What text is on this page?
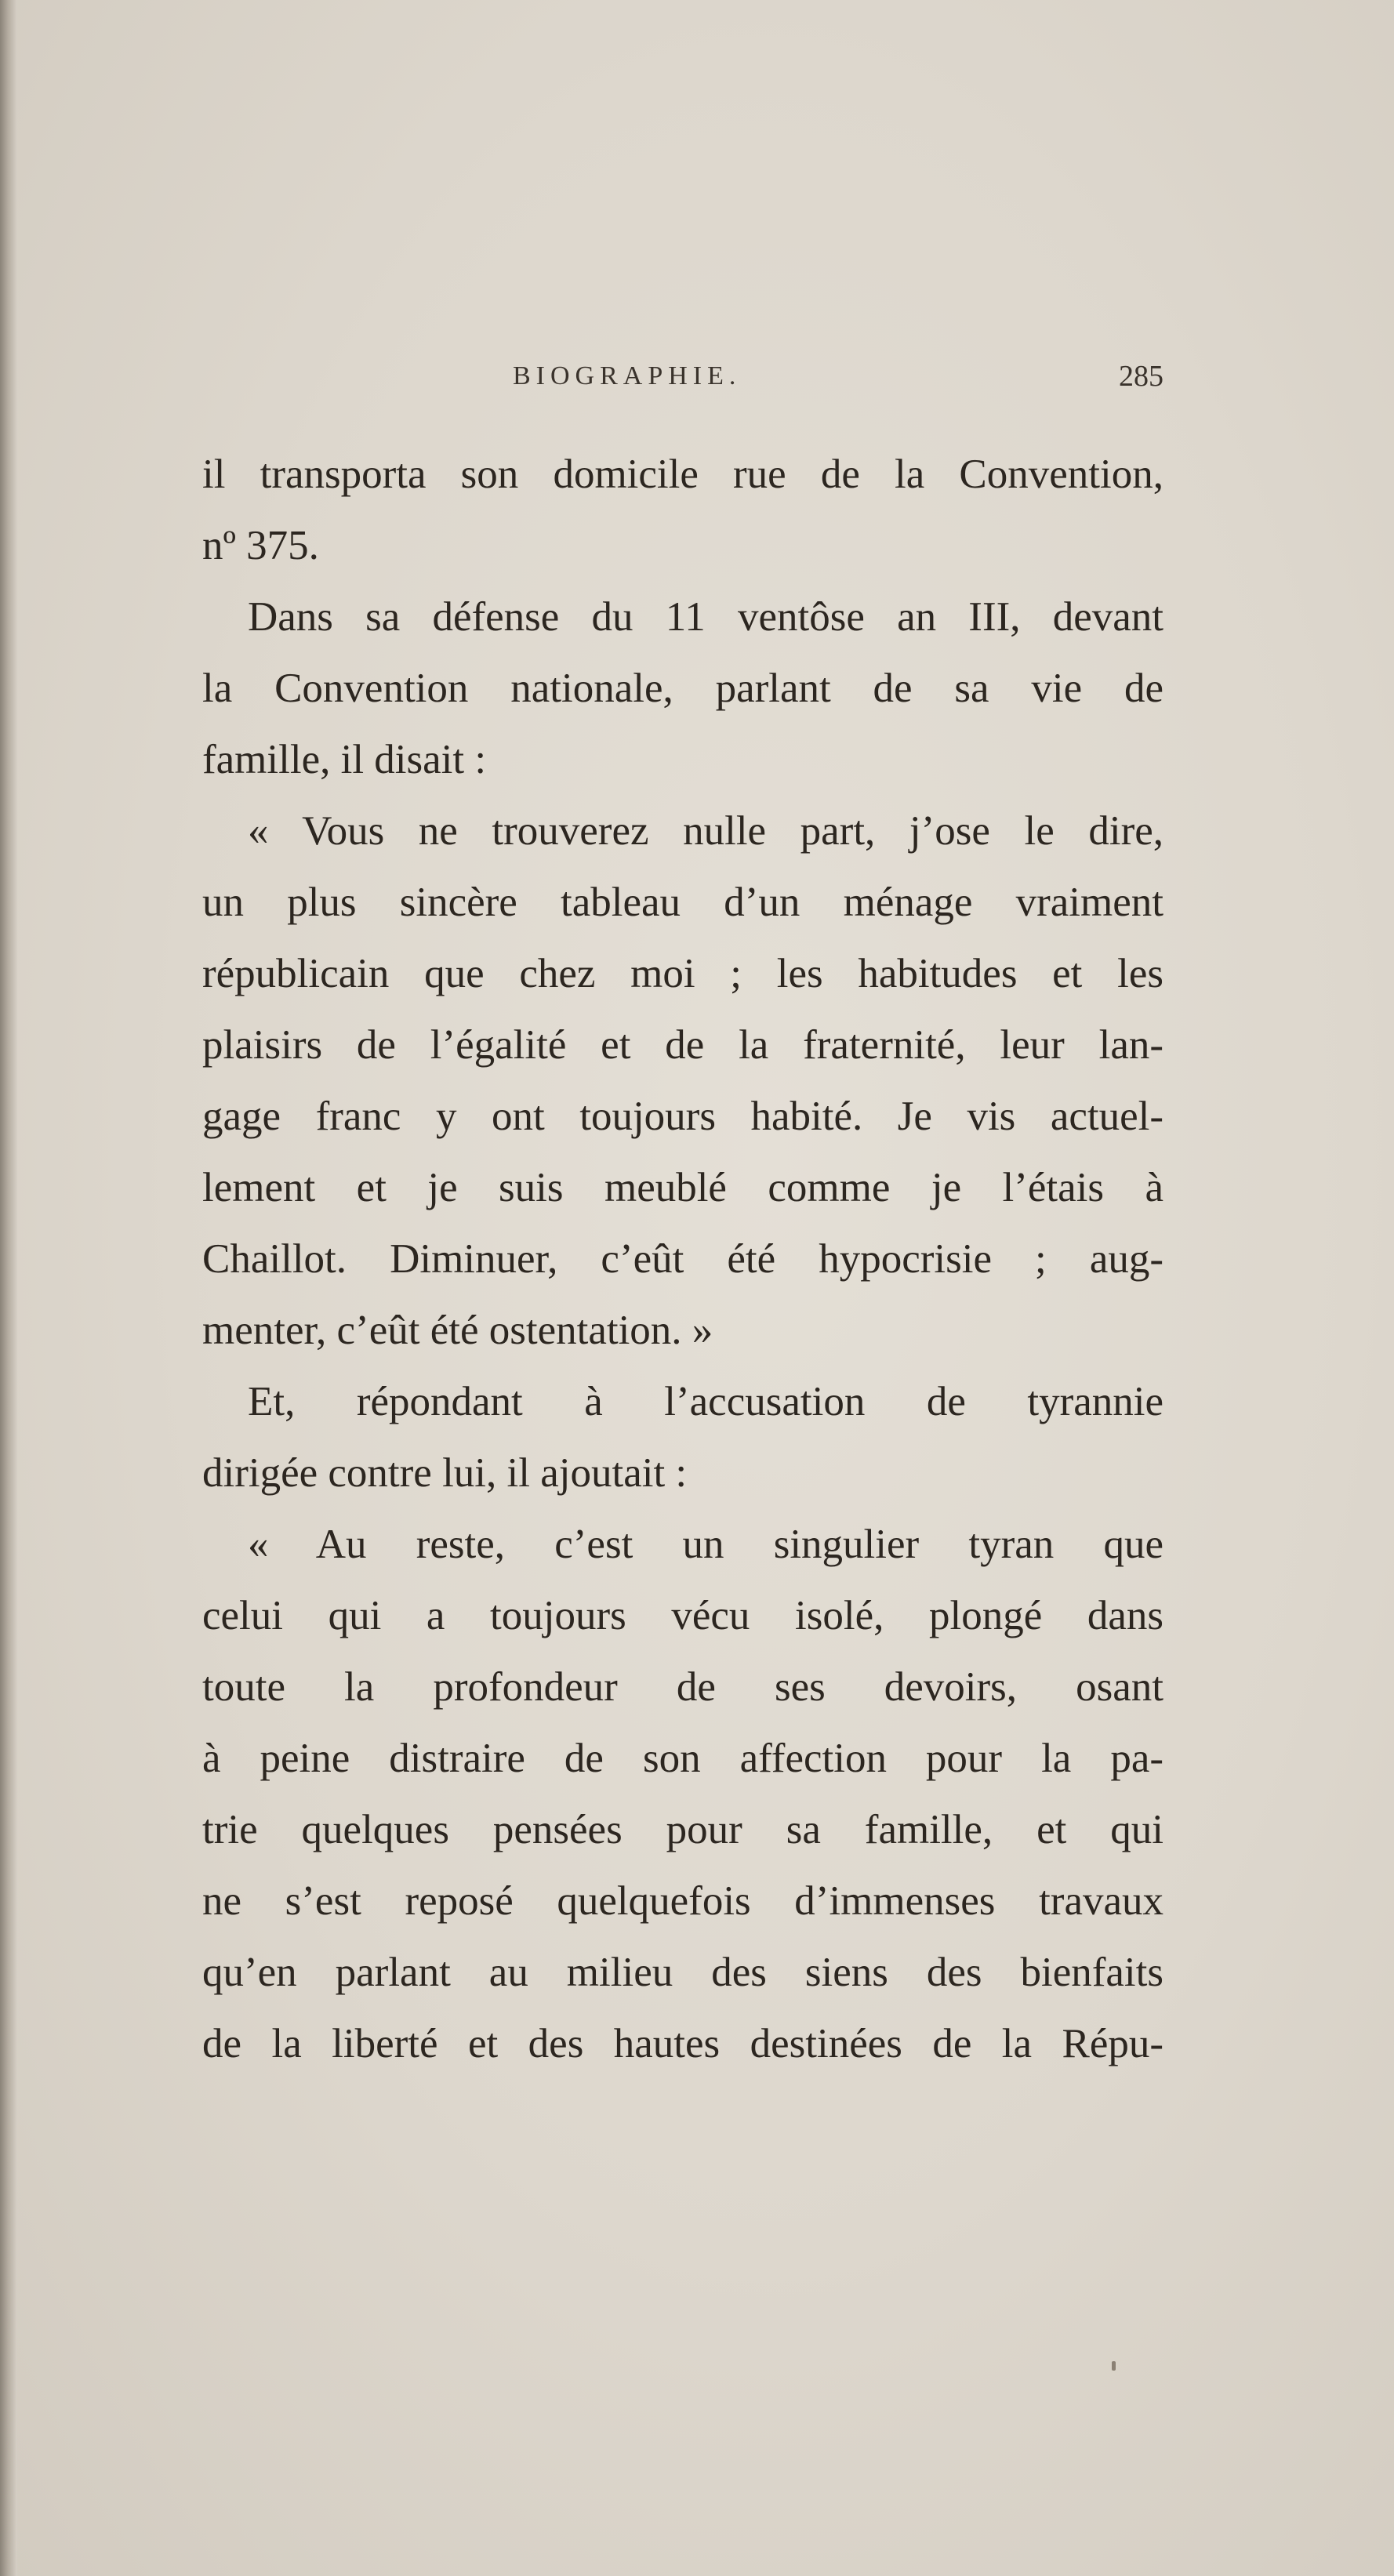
BIOGRAPHIE.	285
il transporta son domicile rue de la Convention,
nº 375.
Dans sa défense du 11 ventôse an III, devant
la Convention nationale, parlant de sa vie de
famille, il disait :
« Vous ne trouverez nulle part, j’ose le dire,
un plus sincère tableau d’un ménage vraiment
républicain que chez moi ; les habitudes et les
plaisirs de l’égalité et de la fraternité, leur lan-
gage franc y ont toujours habité. Je vis actuel-
lement et je suis meublé comme je l’étais à
Chaillot. Diminuer, c’eût été hypocrisie ; aug-
menter, c’eût été ostentation. »
Et, répondant à l’accusation de tyrannie
dirigée contre lui, il ajoutait :
« Au reste, c’est un singulier tyran que
celui qui a toujours vécu isolé, plongé dans
toute la profondeur de ses devoirs, osant
à peine distraire de son affection pour la pa-
trie quelques pensées pour sa famille, et qui
ne s’est reposé quelquefois d’immenses travaux
qu’en parlant au milieu des siens des bienfaits
de la liberté et des hautes destinées de la Répu-
